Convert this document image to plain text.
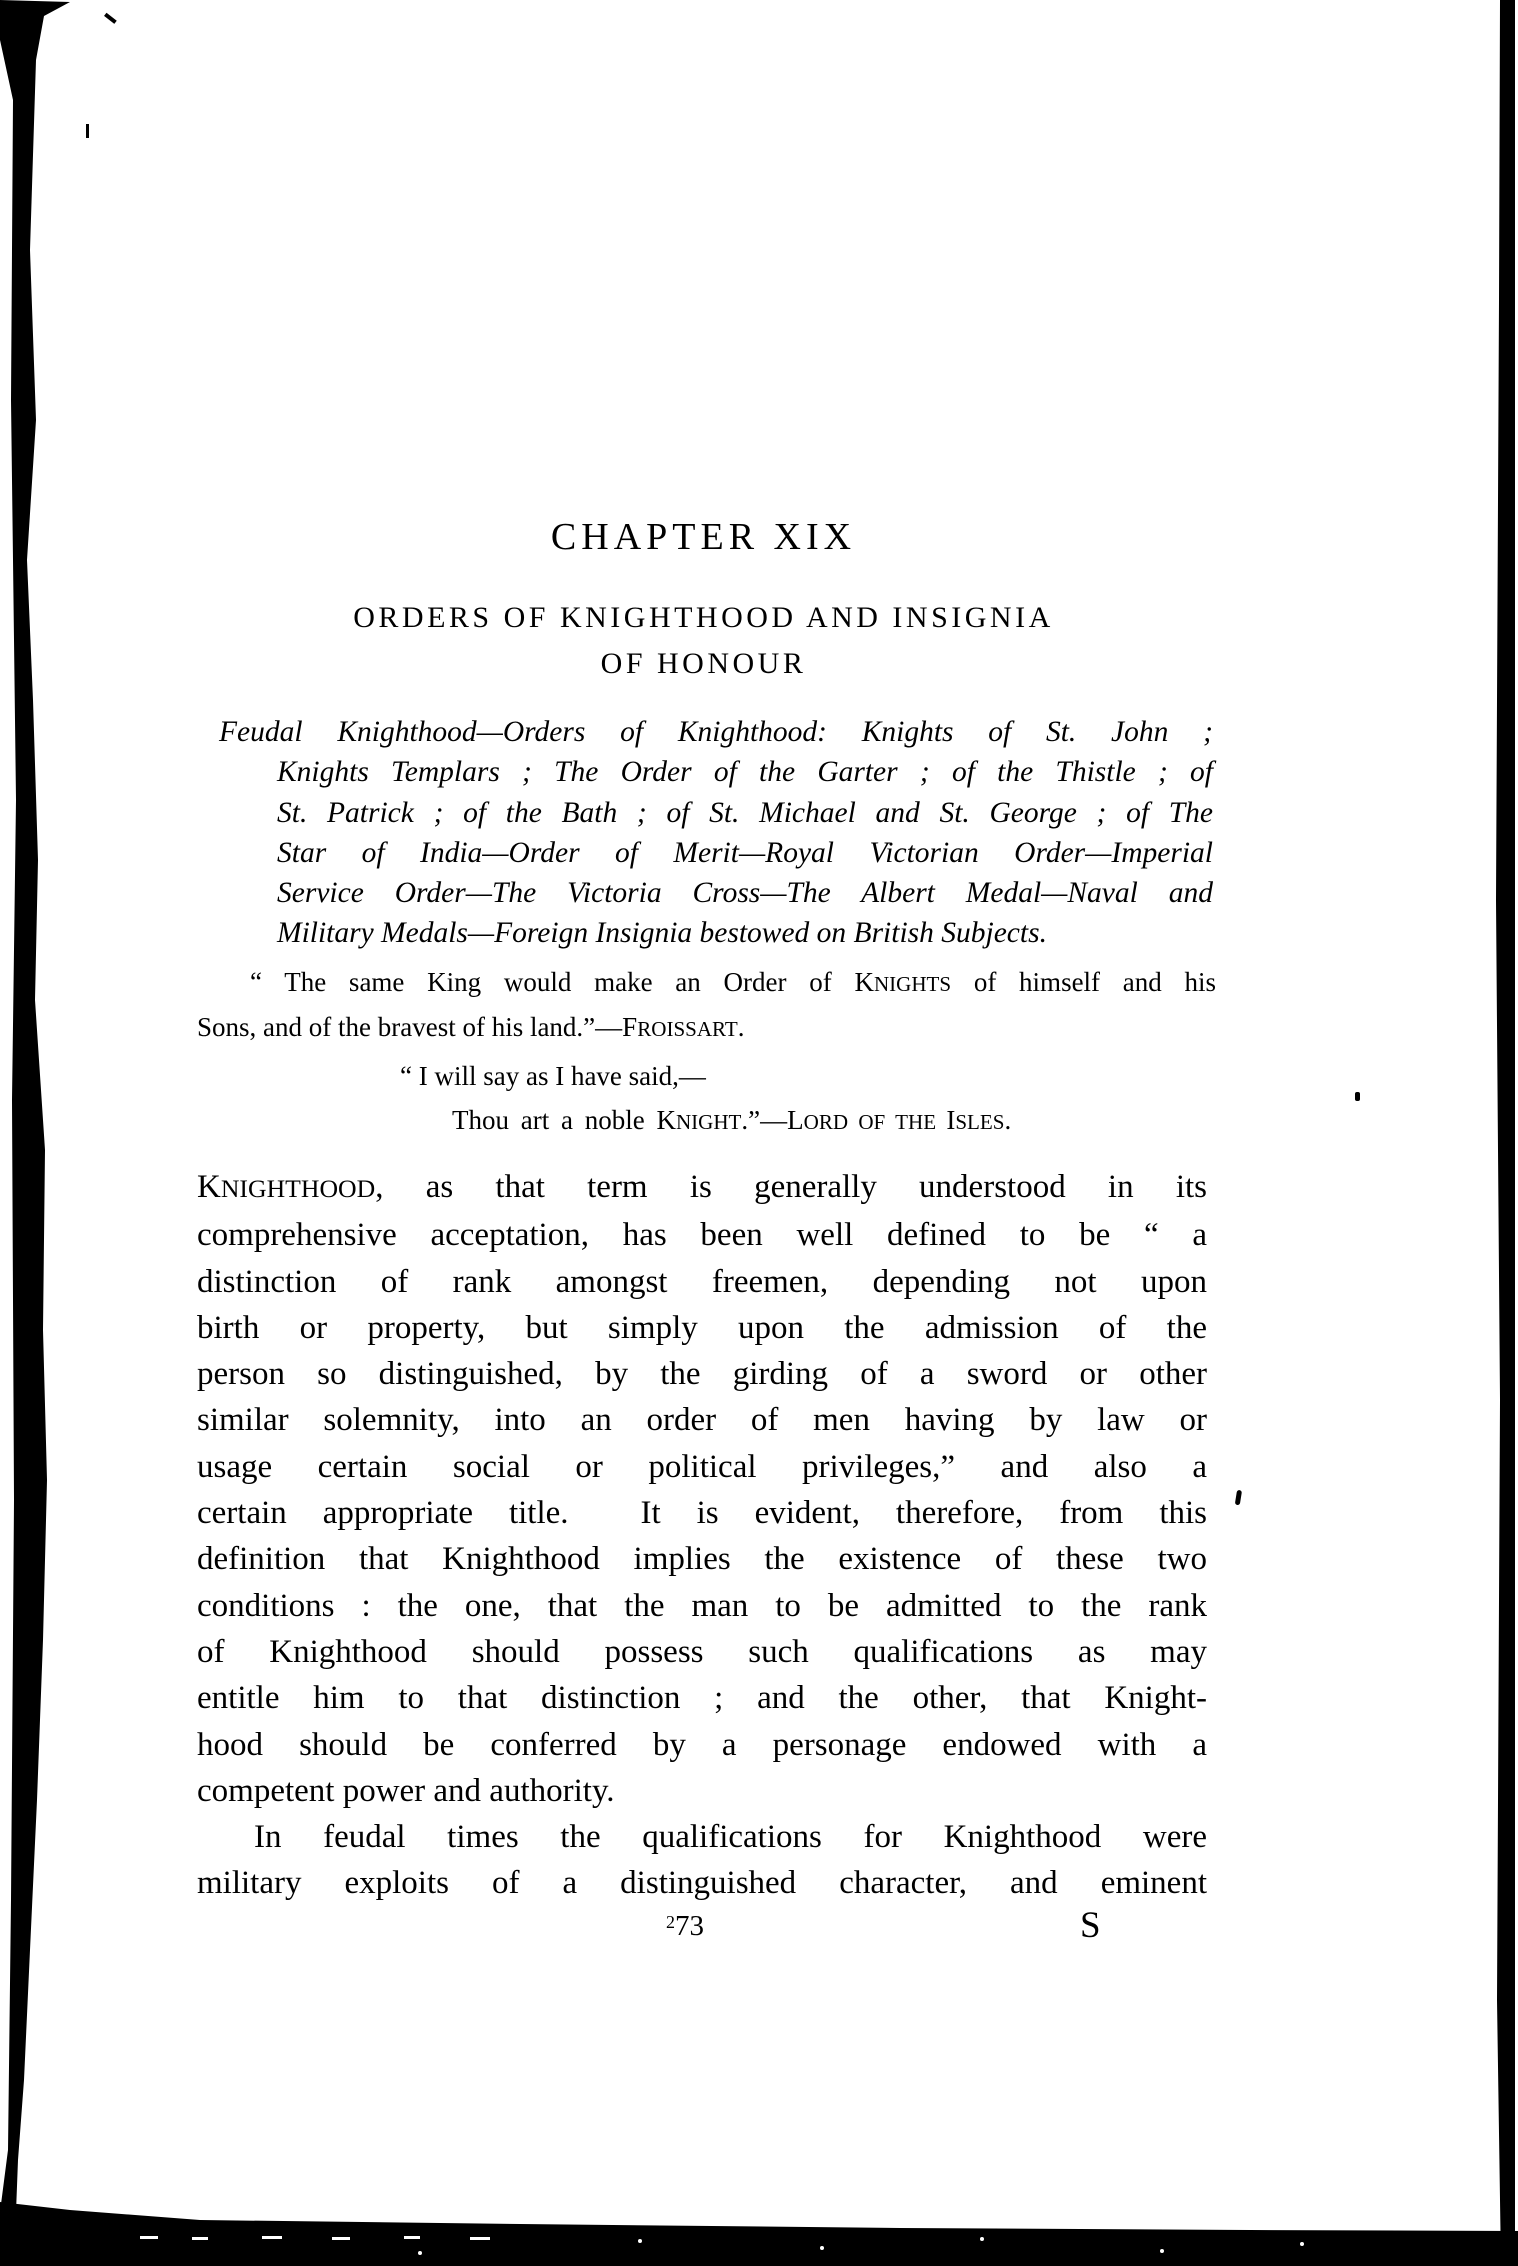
CHAPTER XIX
ORDERS OF KNIGHTHOOD AND INSIGNIA
OF HONOUR
Feudal Knighthood—Orders of Knighthood: Knights of St. John ;
Knights Templars ; The Order of the Garter ; of the Thistle ; of
St. Patrick ; of the Bath ; of St. Michael and St. George ; of The
Star of India—Order of Merit—Royal Victorian Order—Imperial
Service Order—The Victoria Cross—The Albert Medal—Naval and
Military Medals—Foreign Insignia bestowed on British Subjects.
“ The same King would make an Order of KNIGHTS of himself and his
Sons, and of the bravest of his land.”—FROISSART.
“ I will say as I have said,—
Thou art a noble KNIGHT.”—LORD OF THE ISLES.
KNIGHTHOOD, as that term is generally understood in its
comprehensive acceptation, has been well defined to be “ a
distinction of rank amongst freemen, depending not upon
birth or property, but simply upon the admission of the
person so distinguished, by the girding of a sword or other
similar solemnity, into an order of men having by law or
usage certain social or political privileges,” and also a
certain appropriate title.  It is evident, therefore, from this
definition that Knighthood implies the existence of these two
conditions : the one, that the man to be admitted to the rank
of Knighthood should possess such qualifications as may
entitle him to that distinction ; and the other, that Knight-
hood should be conferred by a personage endowed with a
competent power and authority.
In feudal times the qualifications for Knighthood were
military exploits of a distinguished character, and eminent
$^2$73	S
